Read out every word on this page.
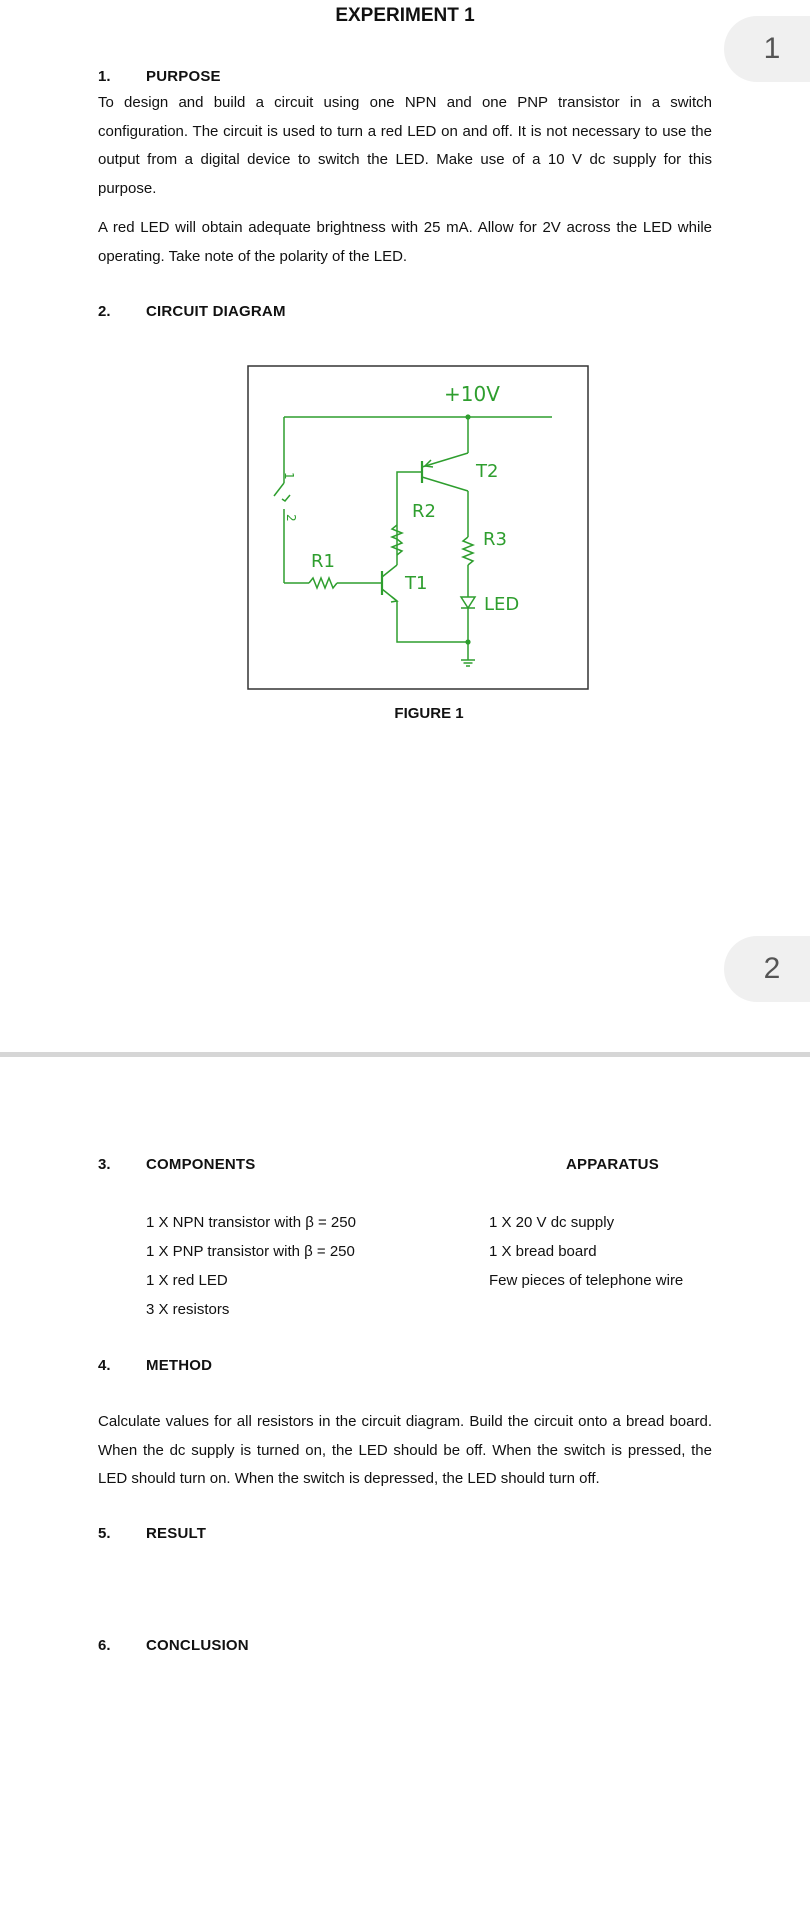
EXPERIMENT 1
1
2
1. PURPOSE
To design and build a circuit using one NPN and one PNP transistor in a switch configuration. The circuit is used to turn a red LED on and off. It is not necessary to use the output from a digital device to switch the LED. Make use of a 10 V dc supply for this purpose.
A red LED will obtain adequate brightness with 25 mA. Allow for 2V across the LED while operating. Take note of the polarity of the LED.
2. CIRCUIT DIAGRAM
+10V
T2
R2
R3
R1
T1
LED
1
2
FIGURE 1
3. COMPONENTS	APPARATUS
1 X NPN transistor with β = 250
1 X PNP transistor with β = 250
1 X red LED
3 X resistors
1 X 20 V dc supply
1 X bread board
Few pieces of telephone wire
4. METHOD
Calculate values for all resistors in the circuit diagram. Build the circuit onto a bread board. When the dc supply is turned on, the LED should be off. When the switch is pressed, the LED should turn on. When the switch is depressed, the LED should turn off.
5. RESULT
6. CONCLUSION
